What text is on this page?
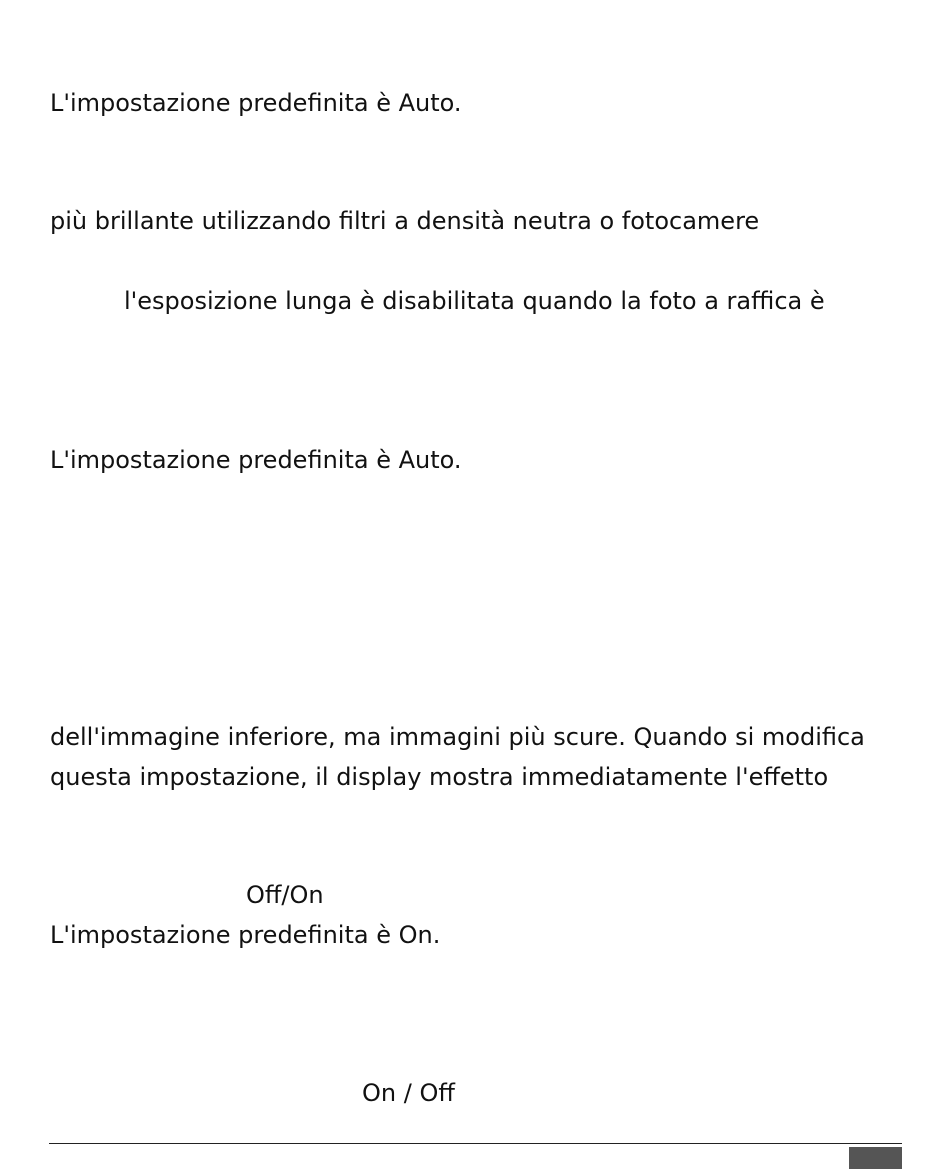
L'impostazione predefinita è Auto.
più brillante utilizzando filtri a densità neutra o fotocamere
l'esposizione lunga è disabilitata quando la foto a raffica è
L'impostazione predefinita è Auto.
dell'immagine inferiore, ma immagini più scure. Quando si modifica
questa impostazione, il display mostra immediatamente l'effetto
Off/On
L'impostazione predefinita è On.
On / Off
